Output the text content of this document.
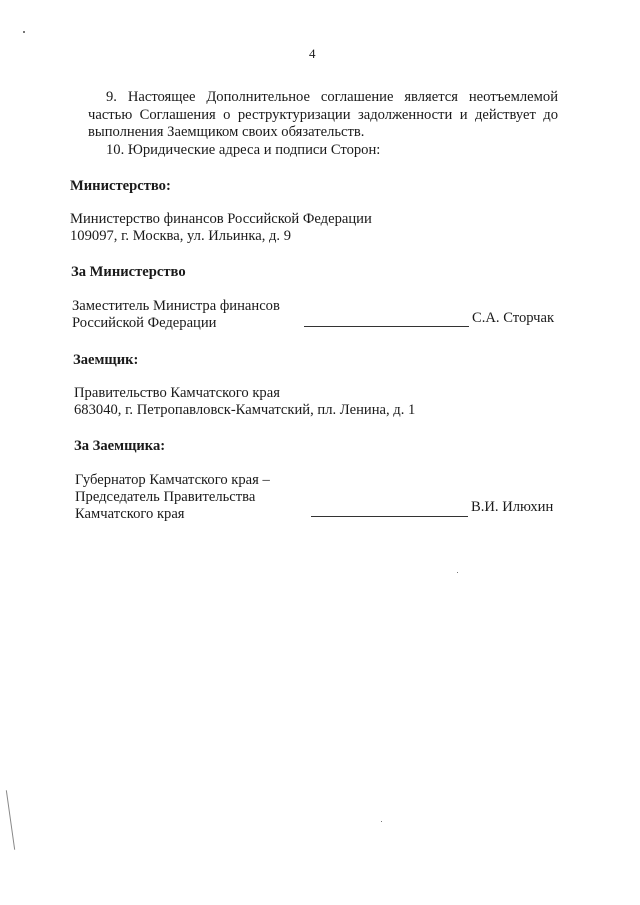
4
9. Настоящее Дополнительное соглашение является неотъемлемой частью Соглашения о реструктуризации задолженности и действует до выполнения Заемщиком своих обязательств.
10. Юридические адреса и подписи Сторон:
Министерство:
Министерство финансов Российской Федерации
109097, г. Москва, ул. Ильинка, д. 9
За Министерство
Заместитель Министра финансов
Российской Федерации	С.А. Сторчак
Заемщик:
Правительство Камчатского края
683040, г. Петропавловск-Камчатский, пл. Ленина, д. 1
За Заемщика:
Губернатор Камчатского края –
Председатель Правительства
Камчатского края	В.И. Илюхин
